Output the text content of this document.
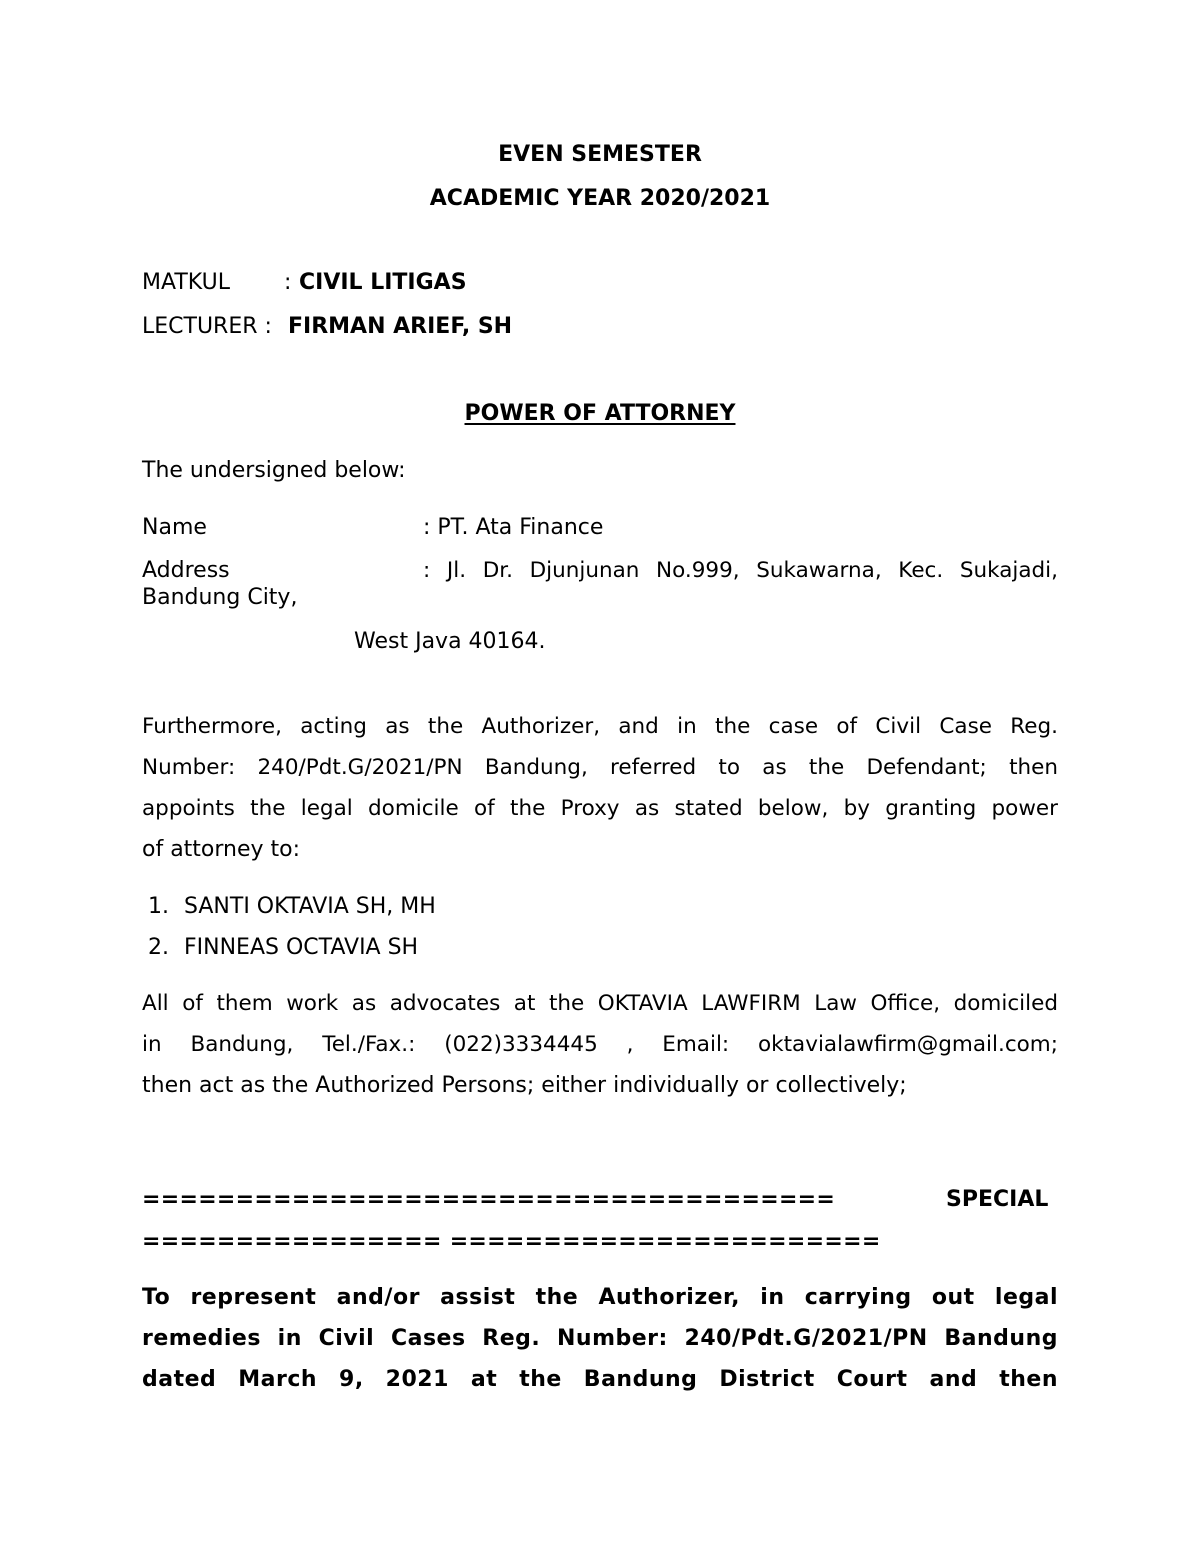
EVEN SEMESTER
ACADEMIC YEAR 2020/2021
MATKUL : CIVIL LITIGAS
LECTURER : FIRMAN ARIEF, SH
POWER OF ATTORNEY
The undersigned below:
Name	: PT. Ata Finance
Address	: Jl. Dr. Djunjunan No.999, Sukawarna, Kec. Sukajadi,
Bandung City,
West Java 40164.
Furthermore, acting as the Authorizer, and in the case of Civil Case Reg.
Number: 240/Pdt.G/2021/PN Bandung, referred to as the Defendant; then
appoints the legal domicile of the Proxy as stated below, by granting power
of attorney to:
1. SANTI OKTAVIA SH, MH
2. FINNEAS OCTAVIA SH
All of them work as advocates at the OKTAVIA LAWFIRM Law Office, domiciled
in Bandung, Tel./Fax.: (022)3334445 , Email: oktavialawfirm@gmail.com;
then act as the Authorized Persons; either individually or collectively;
=====================================	SPECIAL
================ =======================
To represent and/or assist the Authorizer, in carrying out legal
remedies in Civil Cases Reg. Number: 240/Pdt.G/2021/PN Bandung
dated March 9, 2021 at the Bandung District Court and then
